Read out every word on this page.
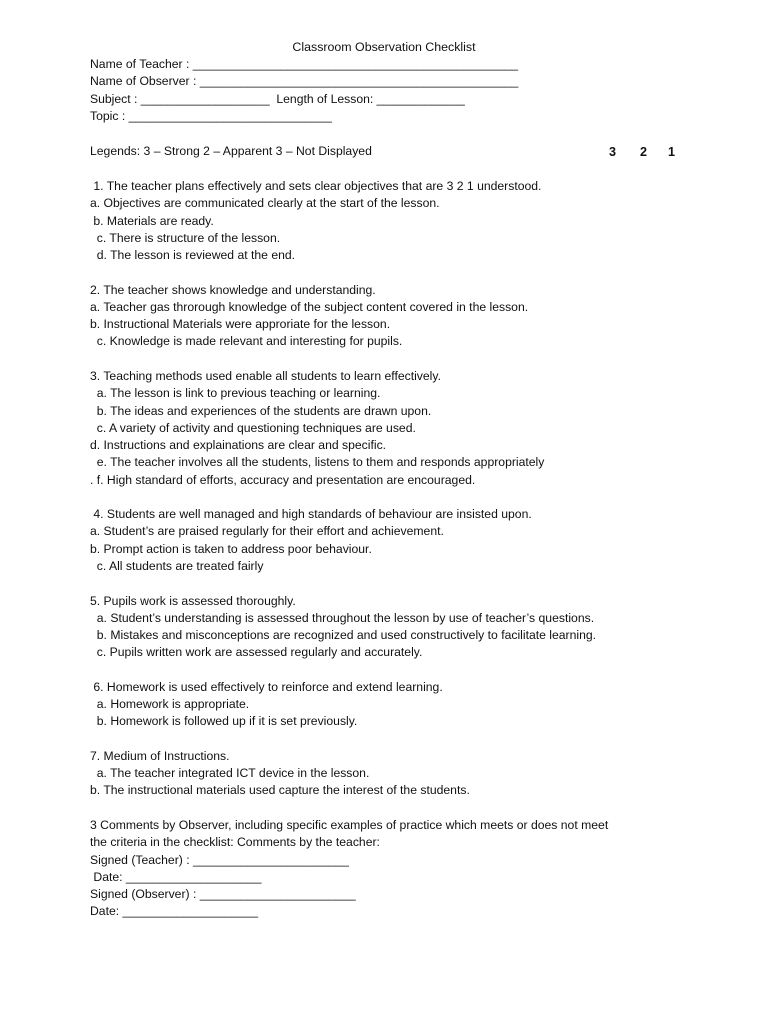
Classroom Observation Checklist
Name of Teacher : ________________________________________________
Name of Observer : _______________________________________________
Subject : ___________________  Length of Lesson: _____________
Topic : ______________________________
Legends: 3 – Strong 2 – Apparent 3 – Not Displayed	3 2 1
1. The teacher plans effectively and sets clear objectives that are 3 2 1 understood.
a. Objectives are communicated clearly at the start of the lesson.
b. Materials are ready.
c. There is structure of the lesson.
d. The lesson is reviewed at the end.
2. The teacher shows knowledge and understanding.
a. Teacher gas throrough knowledge of the subject content covered in the lesson.
b. Instructional Materials were approriate for the lesson.
c. Knowledge is made relevant and interesting for pupils.
3. Teaching methods used enable all students to learn effectively.
a. The lesson is link to previous teaching or learning.
b. The ideas and experiences of the students are drawn upon.
c. A variety of activity and questioning techniques are used.
d. Instructions and explainations are clear and specific.
e. The teacher involves all the students, listens to them and responds appropriately
. f. High standard of efforts, accuracy and presentation are encouraged.
4. Students are well managed and high standards of behaviour are insisted upon.
a. Student’s are praised regularly for their effort and achievement.
b. Prompt action is taken to address poor behaviour.
c. All students are treated fairly
5. Pupils work is assessed thoroughly.
a. Student’s understanding is assessed throughout the lesson by use of teacher’s questions.
b. Mistakes and misconceptions are recognized and used constructively to facilitate learning.
c. Pupils written work are assessed regularly and accurately.
6. Homework is used effectively to reinforce and extend learning.
a. Homework is appropriate.
b. Homework is followed up if it is set previously.
7. Medium of Instructions.
a. The teacher integrated ICT device in the lesson.
b. The instructional materials used capture the interest of the students.
3 Comments by Observer, including specific examples of practice which meets or does not meet
the criteria in the checklist: Comments by the teacher:
Signed (Teacher) : _______________________
Date: ____________________
Signed (Observer) : _______________________
Date: ____________________
